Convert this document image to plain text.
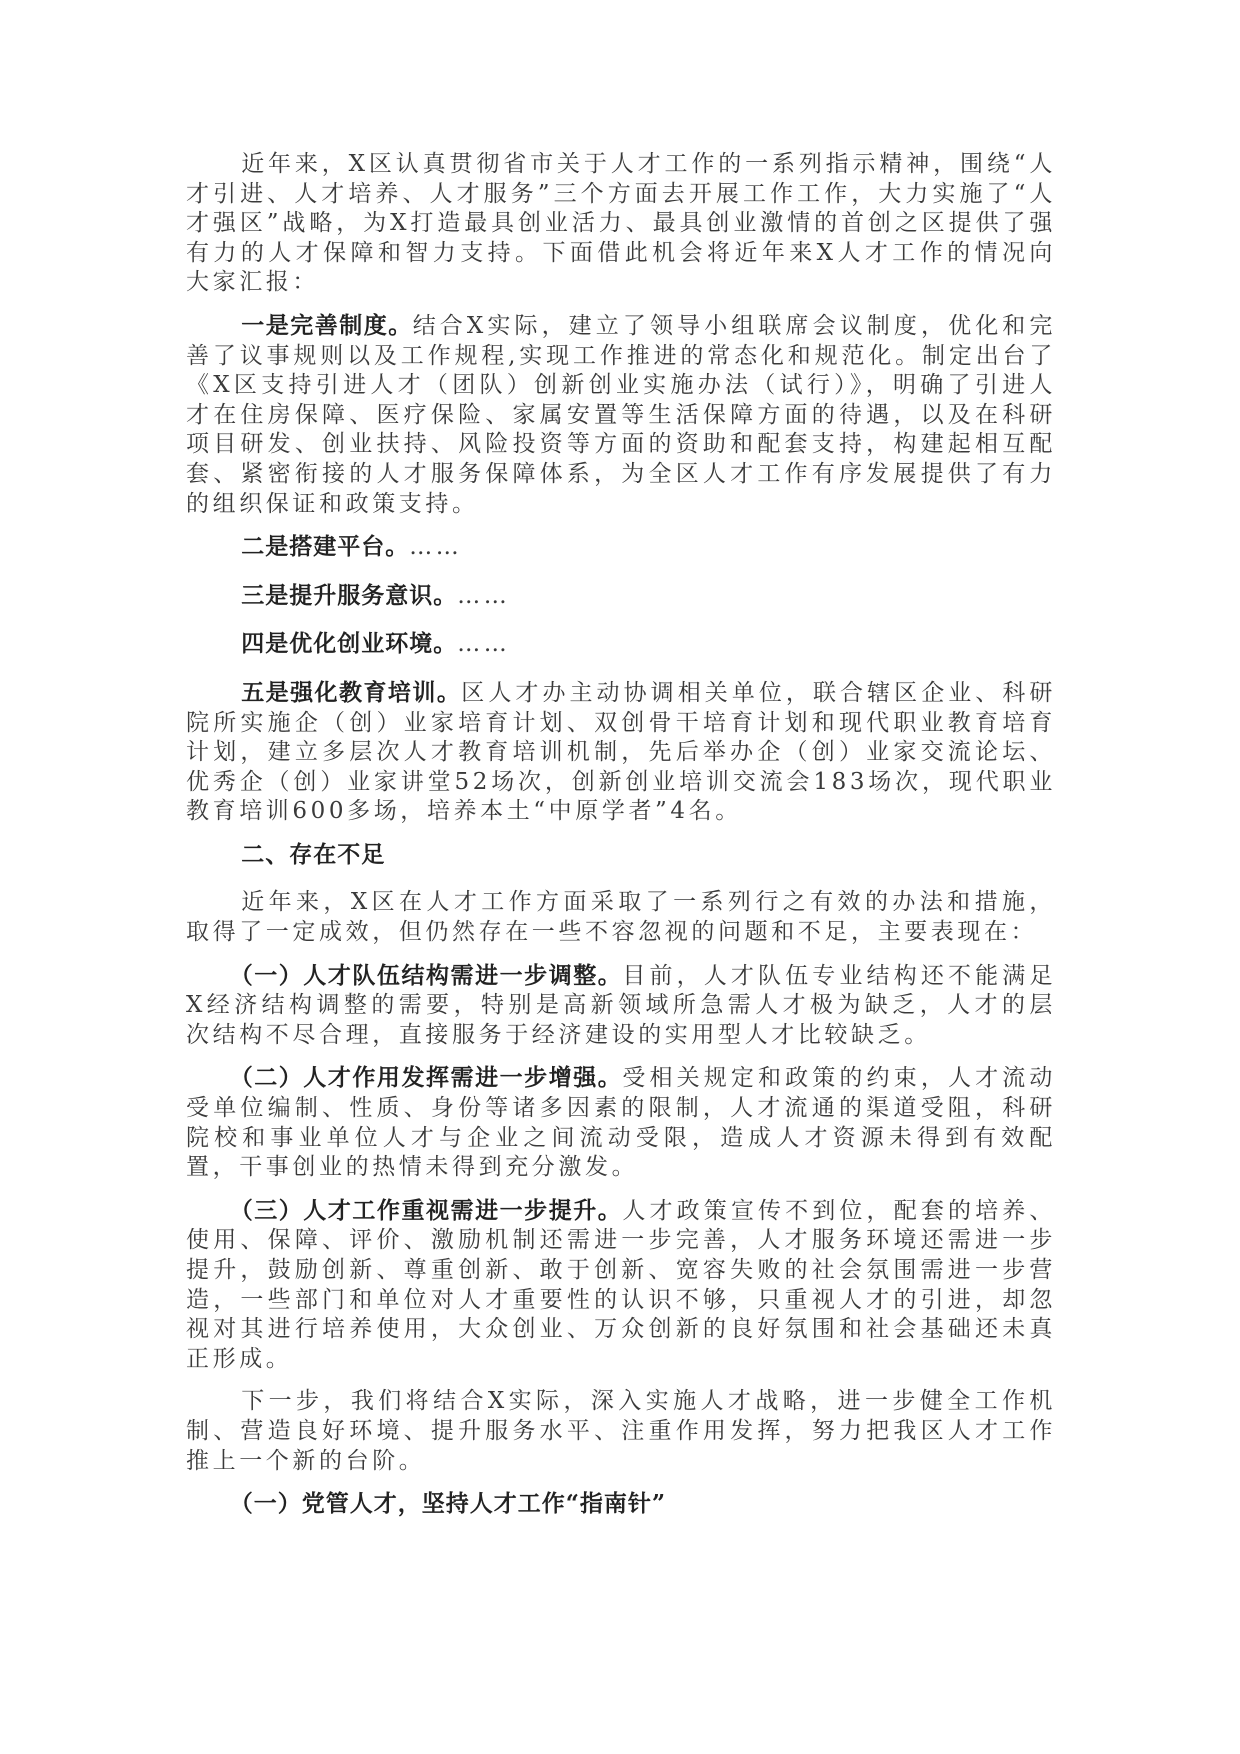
近年来，X区认真贯彻省市关于人才工作的一系列指示精神，围绕“人才引进、人才培养、人才服务”三个方面去开展工作工作，大力实施了“人才强区”战略，为X打造最具创业活力、最具创业激情的首创之区提供了强有力的人才保障和智力支持。下面借此机会将近年来X人才工作的情况向大家汇报：

一是完善制度。结合X实际，建立了领导小组联席会议制度，优化和完善了议事规则以及工作规程,实现工作推进的常态化和规范化。制定出台了《X区支持引进人才（团队）创新创业实施办法（试行）》，明确了引进人才在住房保障、医疗保险、家属安置等生活保障方面的待遇，以及在科研项目研发、创业扶持、风险投资等方面的资助和配套支持，构建起相互配套、紧密衔接的人才服务保障体系，为全区人才工作有序发展提供了有力的组织保证和政策支持。

二是搭建平台。……

三是提升服务意识。……

四是优化创业环境。……

五是强化教育培训。区人才办主动协调相关单位，联合辖区企业、科研院所实施企（创）业家培育计划、双创骨干培育计划和现代职业教育培育计划，建立多层次人才教育培训机制，先后举办企（创）业家交流论坛、优秀企（创）业家讲堂52场次，创新创业培训交流会183场次，现代职业教育培训600多场，培养本土“中原学者”4名。

二、存在不足

近年来，X区在人才工作方面采取了一系列行之有效的办法和措施，取得了一定成效，但仍然存在一些不容忽视的问题和不足，主要表现在：

（一）人才队伍结构需进一步调整。目前，人才队伍专业结构还不能满足X经济结构调整的需要，特别是高新领域所急需人才极为缺乏，人才的层次结构不尽合理，直接服务于经济建设的实用型人才比较缺乏。

（二）人才作用发挥需进一步增强。受相关规定和政策的约束，人才流动受单位编制、性质、身份等诸多因素的限制，人才流通的渠道受阻，科研院校和事业单位人才与企业之间流动受限，造成人才资源未得到有效配置，干事创业的热情未得到充分激发。

（三）人才工作重视需进一步提升。人才政策宣传不到位，配套的培养、使用、保障、评价、激励机制还需进一步完善，人才服务环境还需进一步提升，鼓励创新、尊重创新、敢于创新、宽容失败的社会氛围需进一步营造，一些部门和单位对人才重要性的认识不够，只重视人才的引进，却忽视对其进行培养使用，大众创业、万众创新的良好氛围和社会基础还未真正形成。

下一步，我们将结合X实际，深入实施人才战略，进一步健全工作机制、营造良好环境、提升服务水平、注重作用发挥，努力把我区人才工作推上一个新的台阶。

（一）党管人才，坚持人才工作“指南针”
